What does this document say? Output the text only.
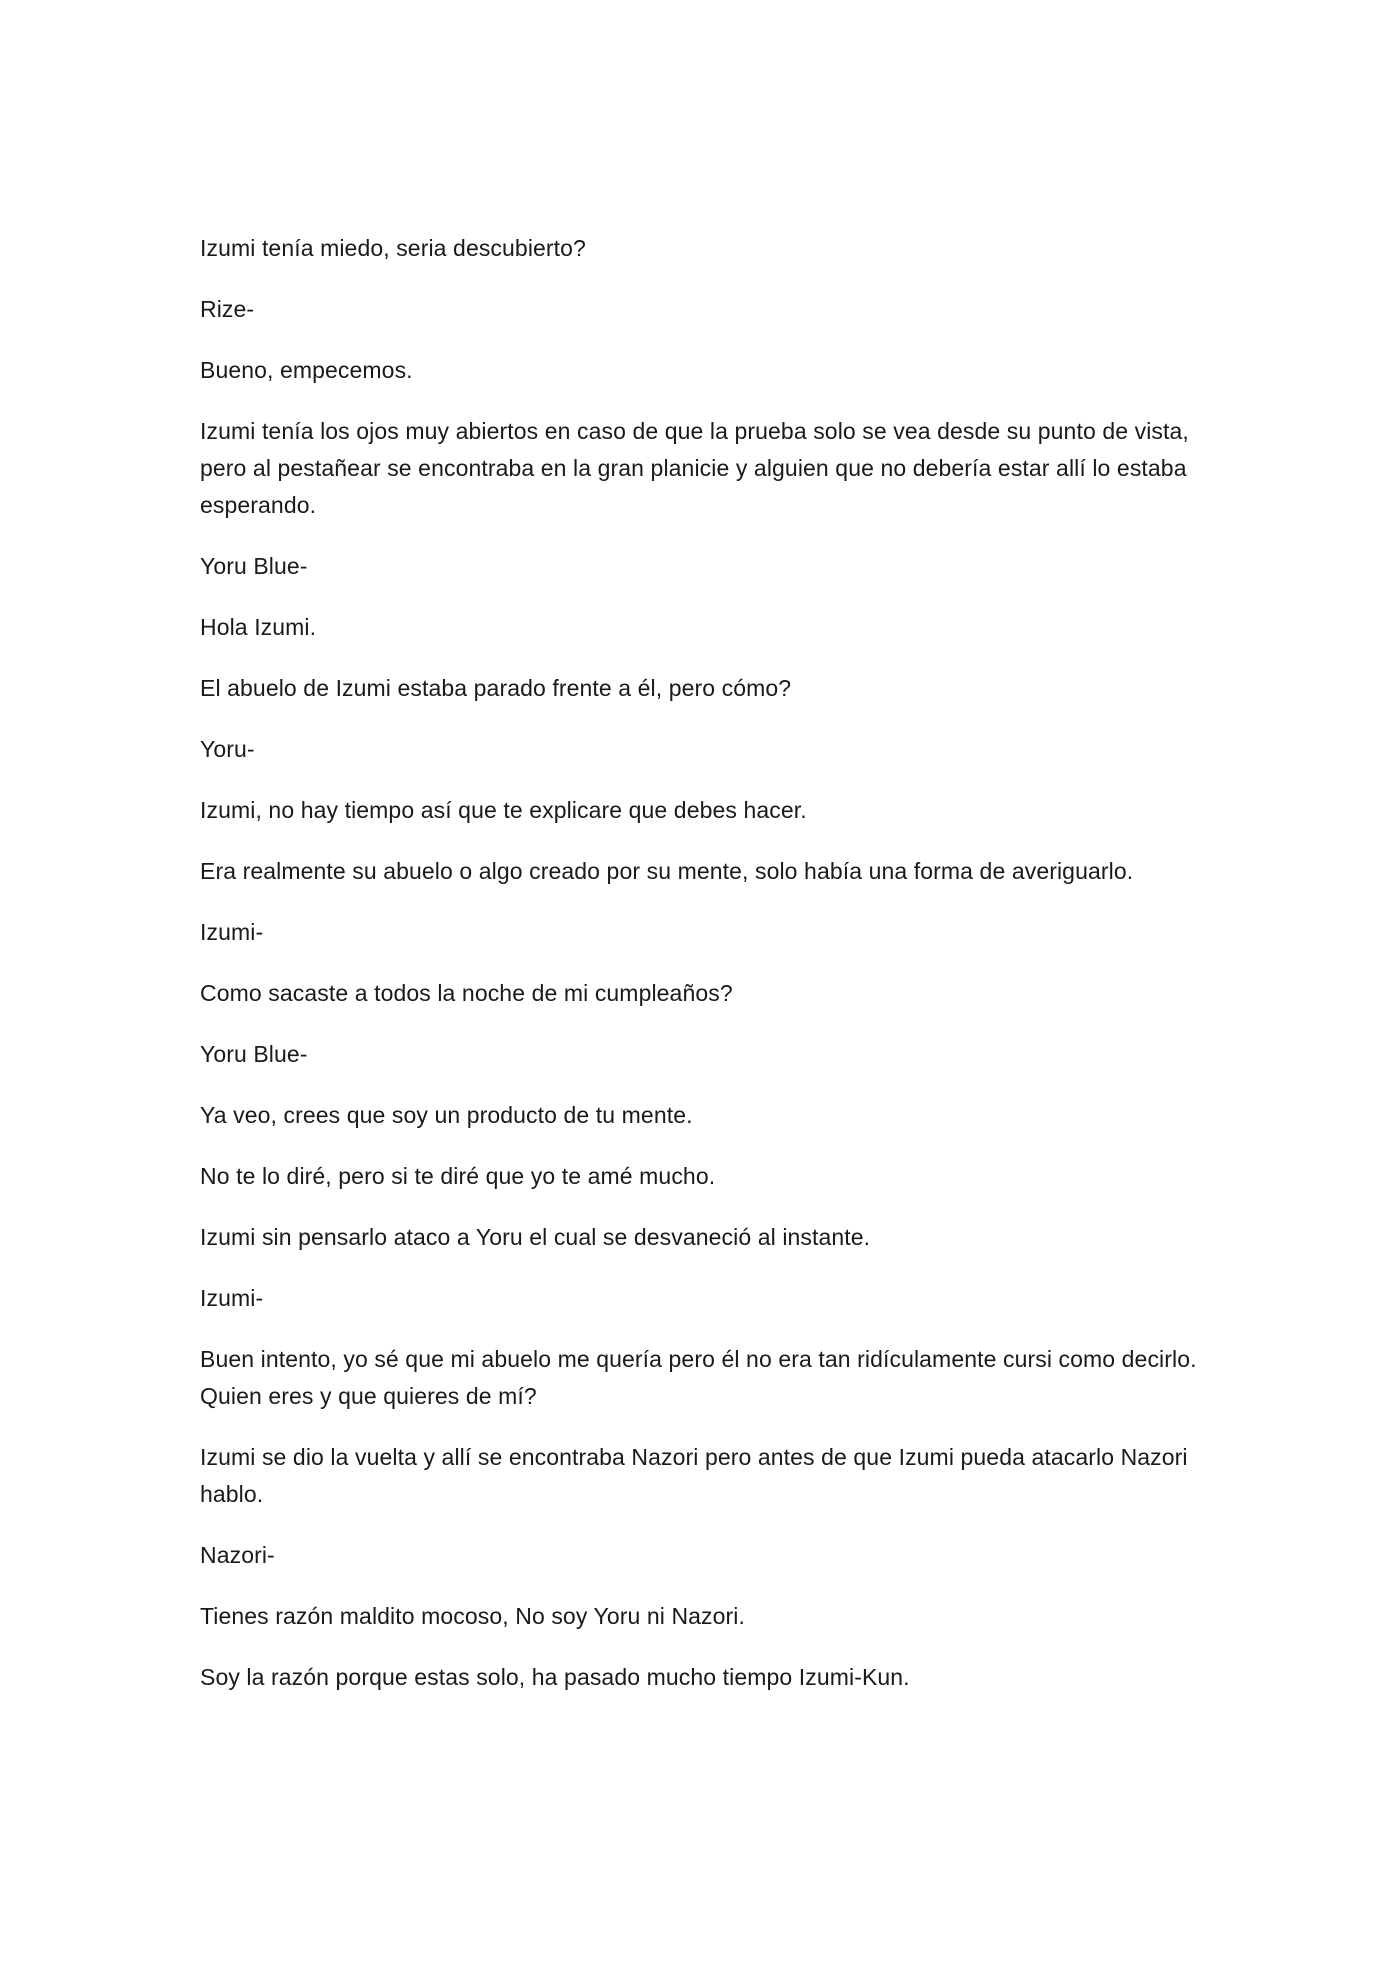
Izumi tenía miedo, seria descubierto?

Rize-

Bueno, empecemos.

Izumi tenía los ojos muy abiertos en caso de que la prueba solo se vea desde su punto de vista, pero al pestañear se encontraba en la gran planicie y alguien que no debería estar allí lo estaba esperando.

Yoru Blue-

Hola Izumi.

El abuelo de Izumi estaba parado frente a él, pero cómo?

Yoru-

Izumi, no hay tiempo así que te explicare que debes hacer.

Era realmente su abuelo o algo creado por su mente, solo había una forma de averiguarlo.

Izumi-

Como sacaste a todos la noche de mi cumpleaños?

Yoru Blue-

Ya veo, crees que soy un producto de tu mente.

No te lo diré, pero si te diré que yo te amé mucho.

Izumi sin pensarlo ataco a Yoru el cual se desvaneció al instante.

Izumi-

Buen intento, yo sé que mi abuelo me quería pero él no era tan ridículamente cursi como decirlo. Quien eres y que quieres de mí?

Izumi se dio la vuelta y allí se encontraba Nazori pero antes de que Izumi pueda atacarlo Nazori hablo.

Nazori-

Tienes razón maldito mocoso, No soy Yoru ni Nazori.

Soy la razón porque estas solo, ha pasado mucho tiempo Izumi-Kun.
